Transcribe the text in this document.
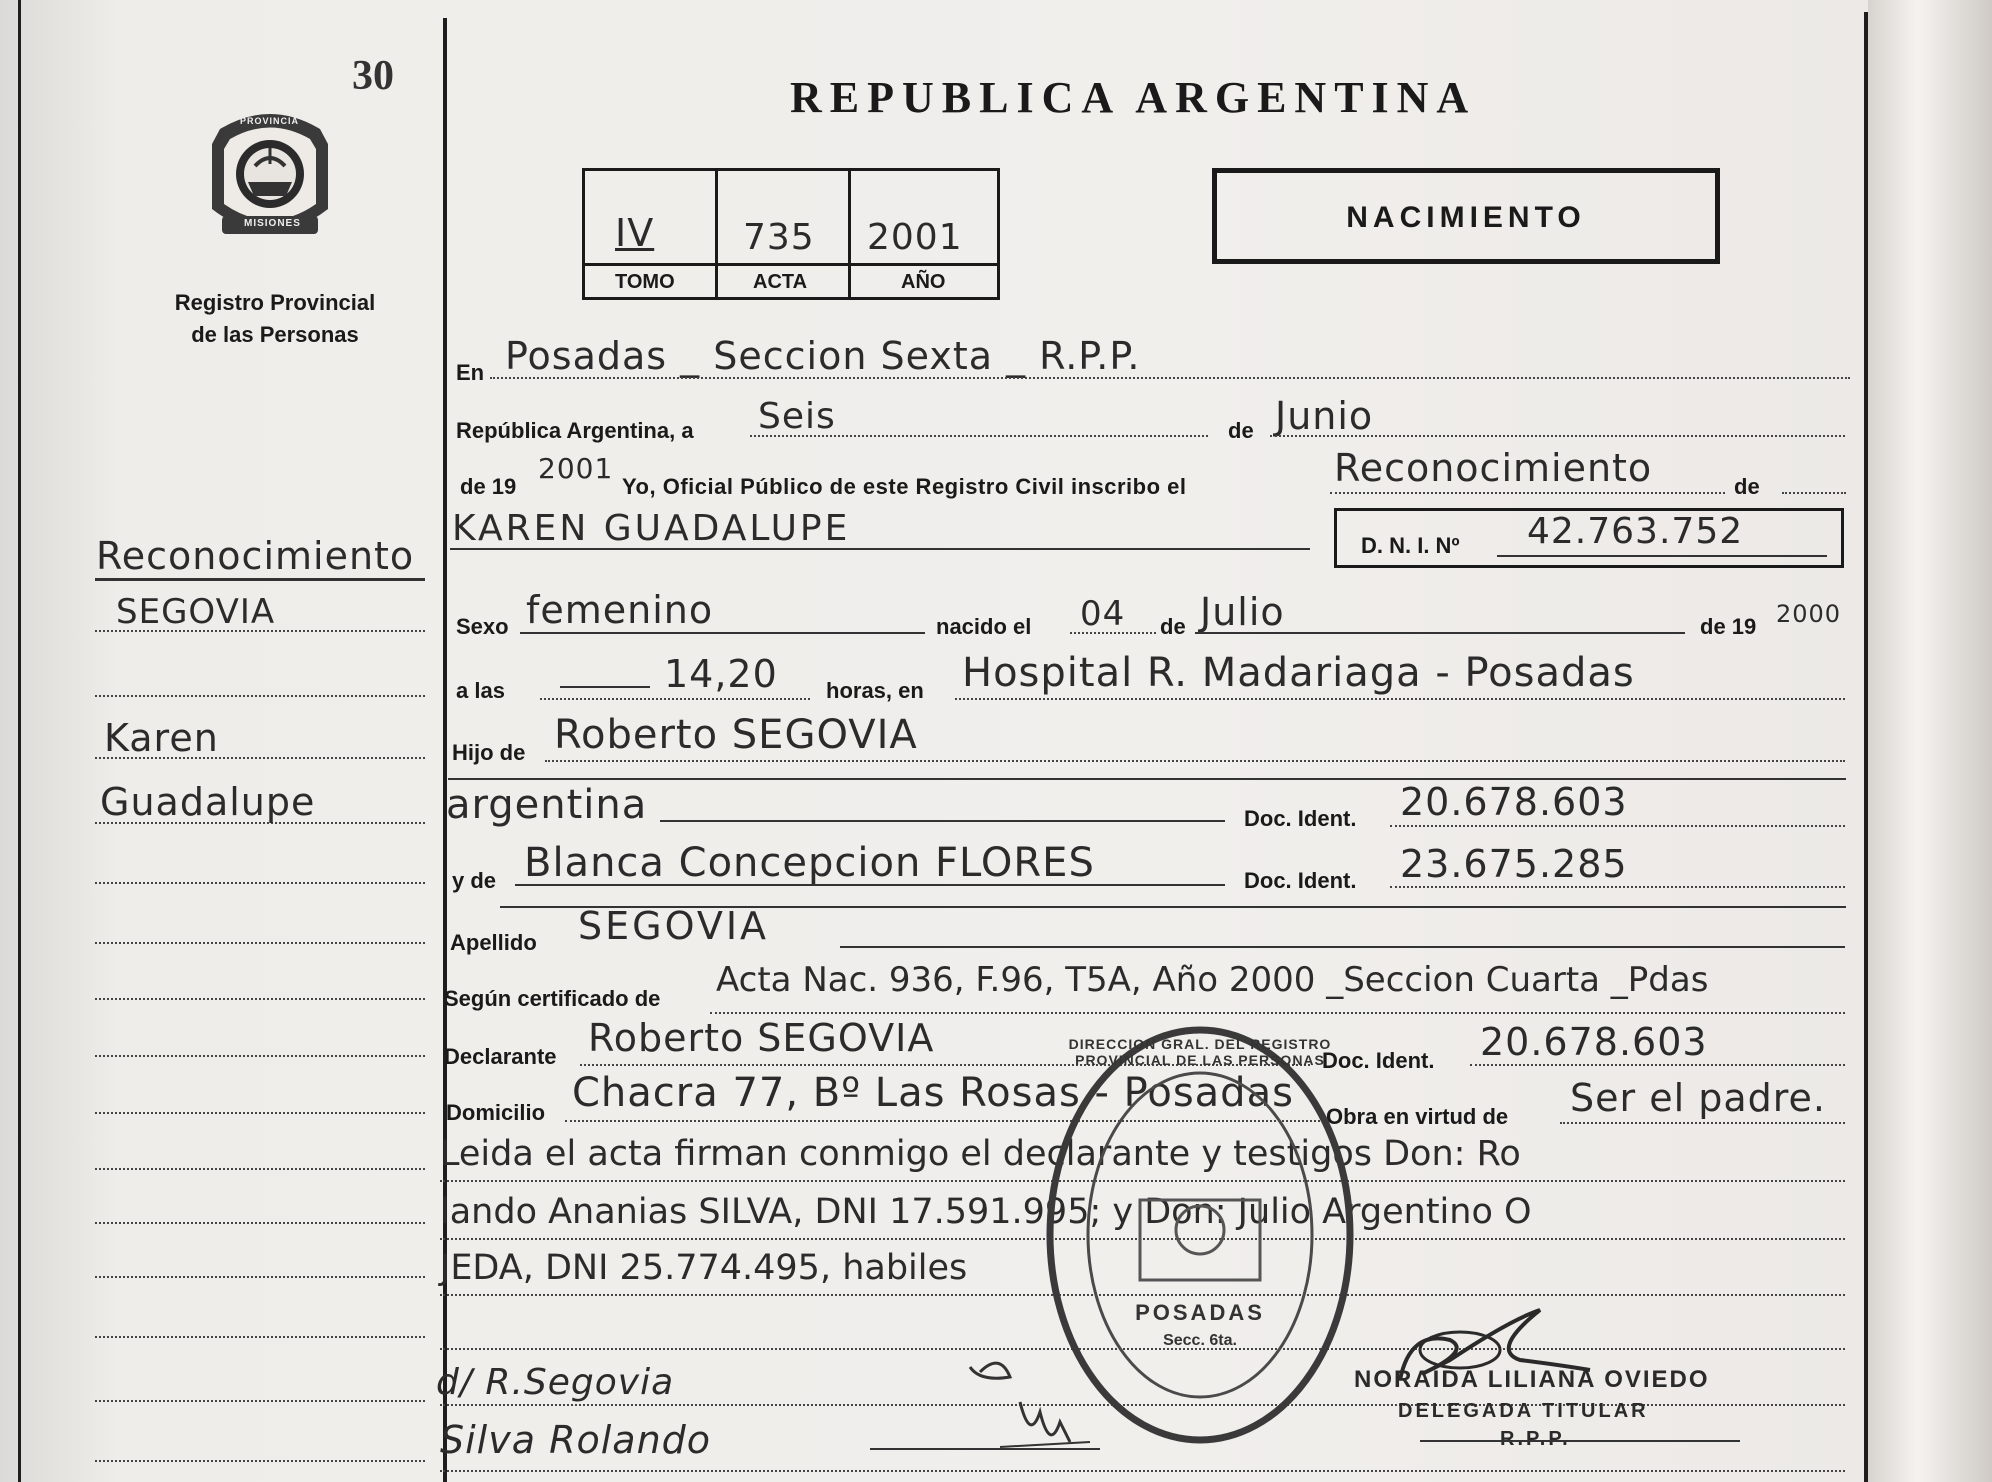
30
PROVINCIA
MISIONES
Registro Provincial
de las Personas
Reconocimiento
SEGOVIA
Karen
Guadalupe
REPUBLICA ARGENTINA
IV 735 2001
TOMO	ACTA	AÑO
NACIMIENTO
En Posadas _ Seccion Sexta _ R.P.P.
República Argentina, a Seis	de Junio
de 19
2001
Yo, Oficial Público de este Registro Civil inscribo el	Reconocimiento	de
KAREN GUADALUPE	D. N. I. Nº 42.763.752
Sexo femenino	nacido el 04 de Julio	de 19 2000
a las	14,20 horas, en Hospital R. Madariaga - Posadas
Hijo de Roberto SEGOVIA
argentina	Doc. Ident. 20.678.603
y de Blanca Concepcion FLORES	Doc. Ident. 23.675.285
Apellido SEGOVIA
Según certificado de Acta Nac. 936, F.96, T5A, Año 2000 _Seccion Cuarta _Pdas
Declarante Roberto SEGOVIA
Doc. Ident. 20.678.603
Domicilio Chacra 77, Bº Las Rosas - Posadas
Obra en virtud de Ser el padre.
Leida el acta firman conmigo el declarante y testigos Don: Ro
lando Ananias SILVA, DNI 17.591.995; y Don: Julio Argentino O
JEDA, DNI 25.774.495, habiles
d/ R.Segovia
Silva Rolando
DIRECCION GRAL. DEL REGISTRO PROVINCIAL DE LAS PERSONAS
POSADAS
Secc. 6ta.
NORAIDA LILIANA OVIEDO
DELEGADA TITULAR
R.P.P.
